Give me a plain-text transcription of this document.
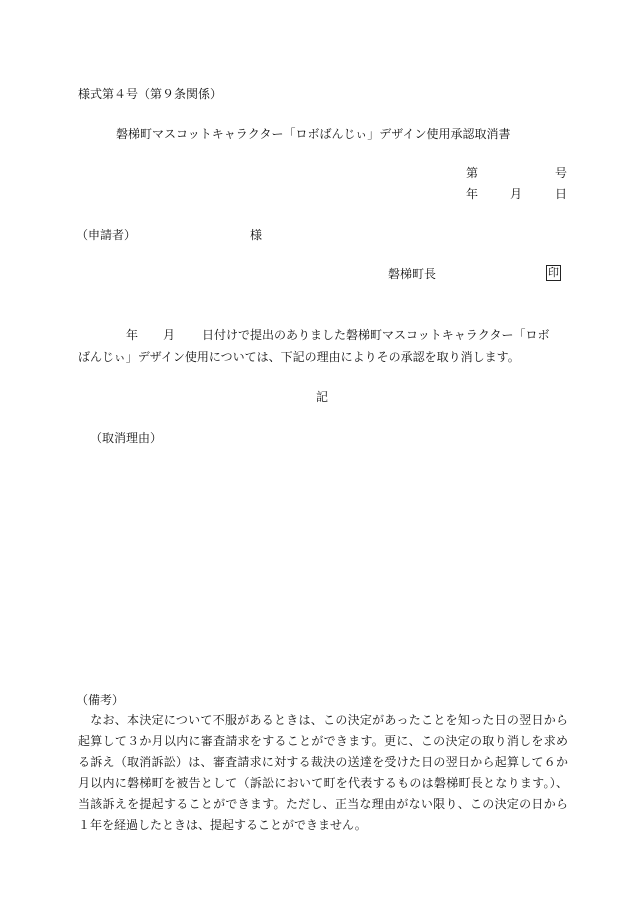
様式第４号（第９条関係）
磐梯町マスコットキャラクター「ロボばんじぃ」デザイン使用承認取消書
第	号
年	月	日
（申請者）	様
磐梯町長	印
年 月 日付けで提出のありました磐梯町マスコットキャラクター「ロボ
ばんじぃ」デザイン使用については、下記の理由によりその承認を取り消します。
記
（取消理由）
（備考）
　なお、本決定について不服があるときは、この決定があったことを知った日の翌日から起算して３か月以内に審査請求をすることができます。更に、この決定の取り消しを求める訴え（取消訴訟）は、審査請求に対する裁決の送達を受けた日の翌日から起算して６か月以内に磐梯町を被告として（訴訟において町を代表するものは磐梯町長となります。）、当該訴えを提起することができます。ただし、正当な理由がない限り、この決定の日から１年を経過したときは、提起することができません。
